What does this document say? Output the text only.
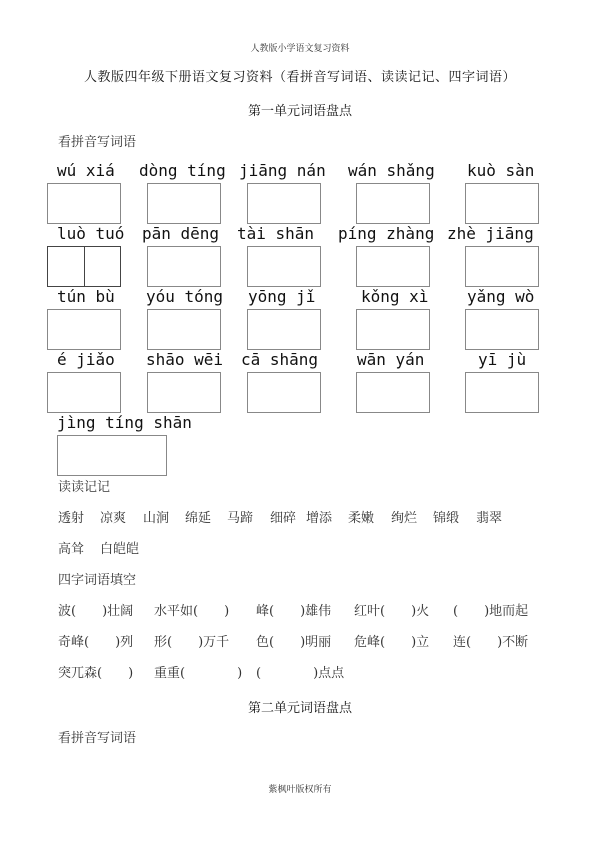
人教版小学语文复习资料
人教版四年级下册语文复习资料（看拼音写词语、读读记记、四字词语）
第一单元词语盘点
看拼音写词语
wú xiá dòng tíng jiāng nán wán shǎng kuò sàn
luò tuó pān dēng tài shān píng zhàng zhè jiāng
tún bù yóu tóng yōng jǐ	kǒng xì yǎng wò
é jiǎo shāo wēi cā shāng wān yán	yī jù
jìng tíng shān
读读记记
透射 凉爽 山涧 绵延 马蹄 细碎 增添 柔嫩 绚烂 锦缎 翡翠
高耸 白皑皑
四字词语填空
波(　　)壮阔 水平如(　　) 峰(　　)雄伟 红叶(　　)火 (　　)地而起
奇峰(　　)列 形(　　)万千 色(　　)明丽 危峰(　　)立 连(　　)不断
突兀森(　　) 重重(　　　　) (　　　　)点点
第二单元词语盘点
看拼音写词语
紫枫叶版权所有
